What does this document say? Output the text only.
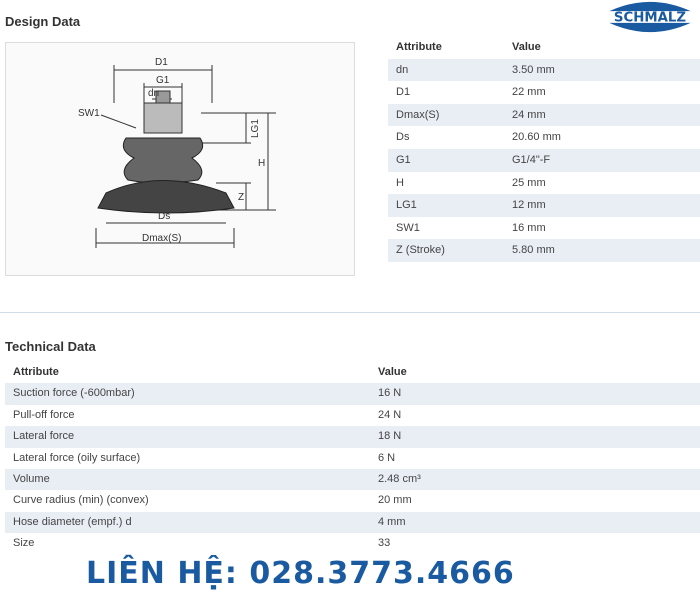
Design Data
D1
G1
dn
SW1
LG1
H
Z
Ds
Dmax(S)
Attribute	Value
dn	3.50 mm
D1	22 mm
Dmax(S)	24 mm
Ds	20.60 mm
G1	G1/4"-F
H	25 mm
LG1	12 mm
SW1	16 mm
Z (Stroke)	5.80 mm
Technical Data
Attribute	Value
Suction force (-600mbar)	16 N
Pull-off force	24 N
Lateral force	18 N
Lateral force (oily surface)	6 N
Volume	2.48 cm³
Curve radius (min) (convex)	20 mm
Hose diameter (empf.) d	4 mm
Size	33
SCHMALZ
LIÊN HỆ: 028.3773.4666
